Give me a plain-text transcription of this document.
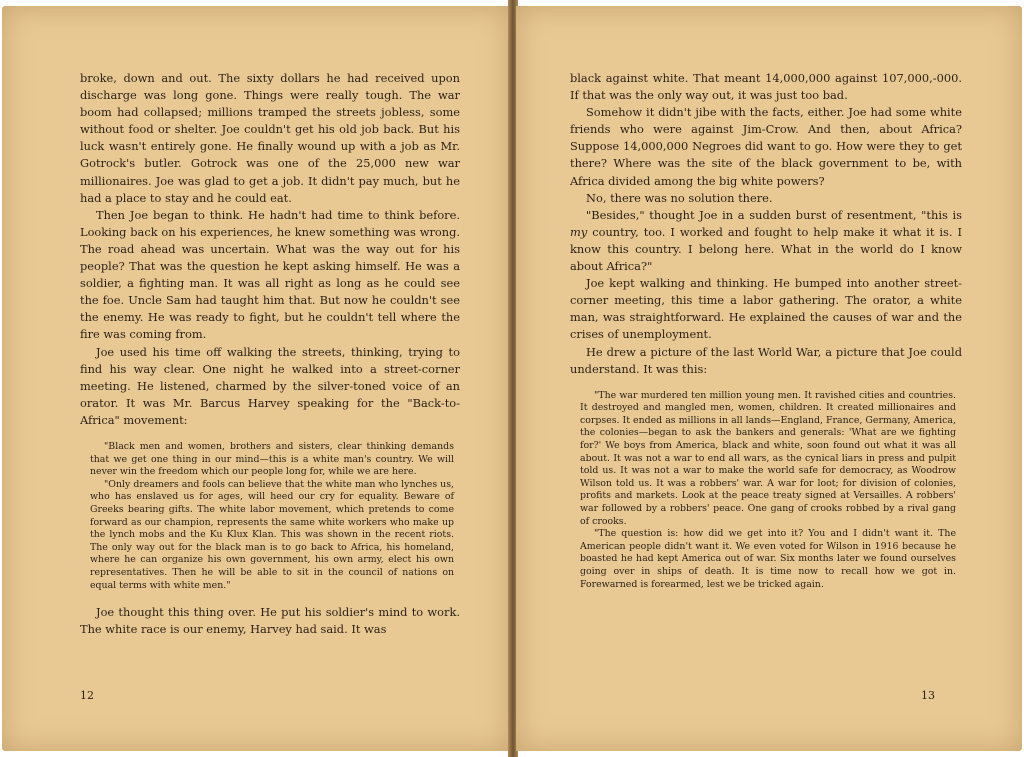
broke, down and out. The sixty dollars he had received upon discharge was long gone. Things were really tough. The war boom had collapsed; millions tramped the streets jobless, some without food or shelter. Joe couldn't get his old job back. But his luck wasn't entirely gone. He finally wound up with a job as Mr. Gotrock's butler. Gotrock was one of the 25,000 new war millionaires. Joe was glad to get a job. It didn't pay much, but he had a place to stay and he could eat.

Then Joe began to think. He hadn't had time to think before. Looking back on his experiences, he knew something was wrong. The road ahead was uncertain. What was the way out for his people? That was the question he kept asking himself. He was a soldier, a fighting man. It was all right as long as he could see the foe. Uncle Sam had taught him that. But now he couldn't see the enemy. He was ready to fight, but he couldn't tell where the fire was coming from.

Joe used his time off walking the streets, thinking, trying to find his way clear. One night he walked into a street-corner meeting. He listened, charmed by the silver-toned voice of an orator. It was Mr. Barcus Harvey speaking for the "Back-to-Africa" movement:

"Black men and women, brothers and sisters, clear thinking demands that we get one thing in our mind—this is a white man's country. We will never win the freedom which our people long for, while we are here.

"Only dreamers and fools can believe that the white man who lynches us, who has enslaved us for ages, will heed our cry for equality. Beware of Greeks bearing gifts. The white labor movement, which pretends to come forward as our champion, represents the same white workers who make up the lynch mobs and the Ku Klux Klan. This was shown in the recent riots. The only way out for the black man is to go back to Africa, his homeland, where he can organize his own government, his own army, elect his own representatives. Then he will be able to sit in the council of nations on equal terms with white men."

Joe thought this thing over. He put his soldier's mind to work. The white race is our enemy, Harvey had said. It was

12

black against white. That meant 14,000,000 against 107,000,-000. If that was the only way out, it was just too bad.

Somehow it didn't jibe with the facts, either. Joe had some white friends who were against Jim-Crow. And then, about Africa? Suppose 14,000,000 Negroes did want to go. How were they to get there? Where was the site of the black government to be, with Africa divided among the big white powers?

No, there was no solution there.

"Besides," thought Joe in a sudden burst of resentment, "this is my country, too. I worked and fought to help make it what it is. I know this country. I belong here. What in the world do I know about Africa?"

Joe kept walking and thinking. He bumped into another street-corner meeting, this time a labor gathering. The orator, a white man, was straightforward. He explained the causes of war and the crises of unemployment.

He drew a picture of the last World War, a picture that Joe could understand. It was this:

"The war murdered ten million young men. It ravished cities and countries. It destroyed and mangled men, women, children. It created millionaires and corpses. It ended as millions in all lands—England, France, Germany, America, the colonies—began to ask the bankers and generals: 'What are we fighting for?' We boys from America, black and white, soon found out what it was all about. It was not a war to end all wars, as the cynical liars in press and pulpit told us. It was not a war to make the world safe for democracy, as Woodrow Wilson told us. It was a robbers' war. A war for loot; for division of colonies, profits and markets. Look at the peace treaty signed at Versailles. A robbers' war followed by a robbers' peace. One gang of crooks robbed by a rival gang of crooks.

"The question is: how did we get into it? You and I didn't want it. The American people didn't want it. We even voted for Wilson in 1916 because he boasted he had kept America out of war. Six months later we found ourselves going over in ships of death. It is time now to recall how we got in. Forewarned is forearmed, lest we be tricked again.

13
